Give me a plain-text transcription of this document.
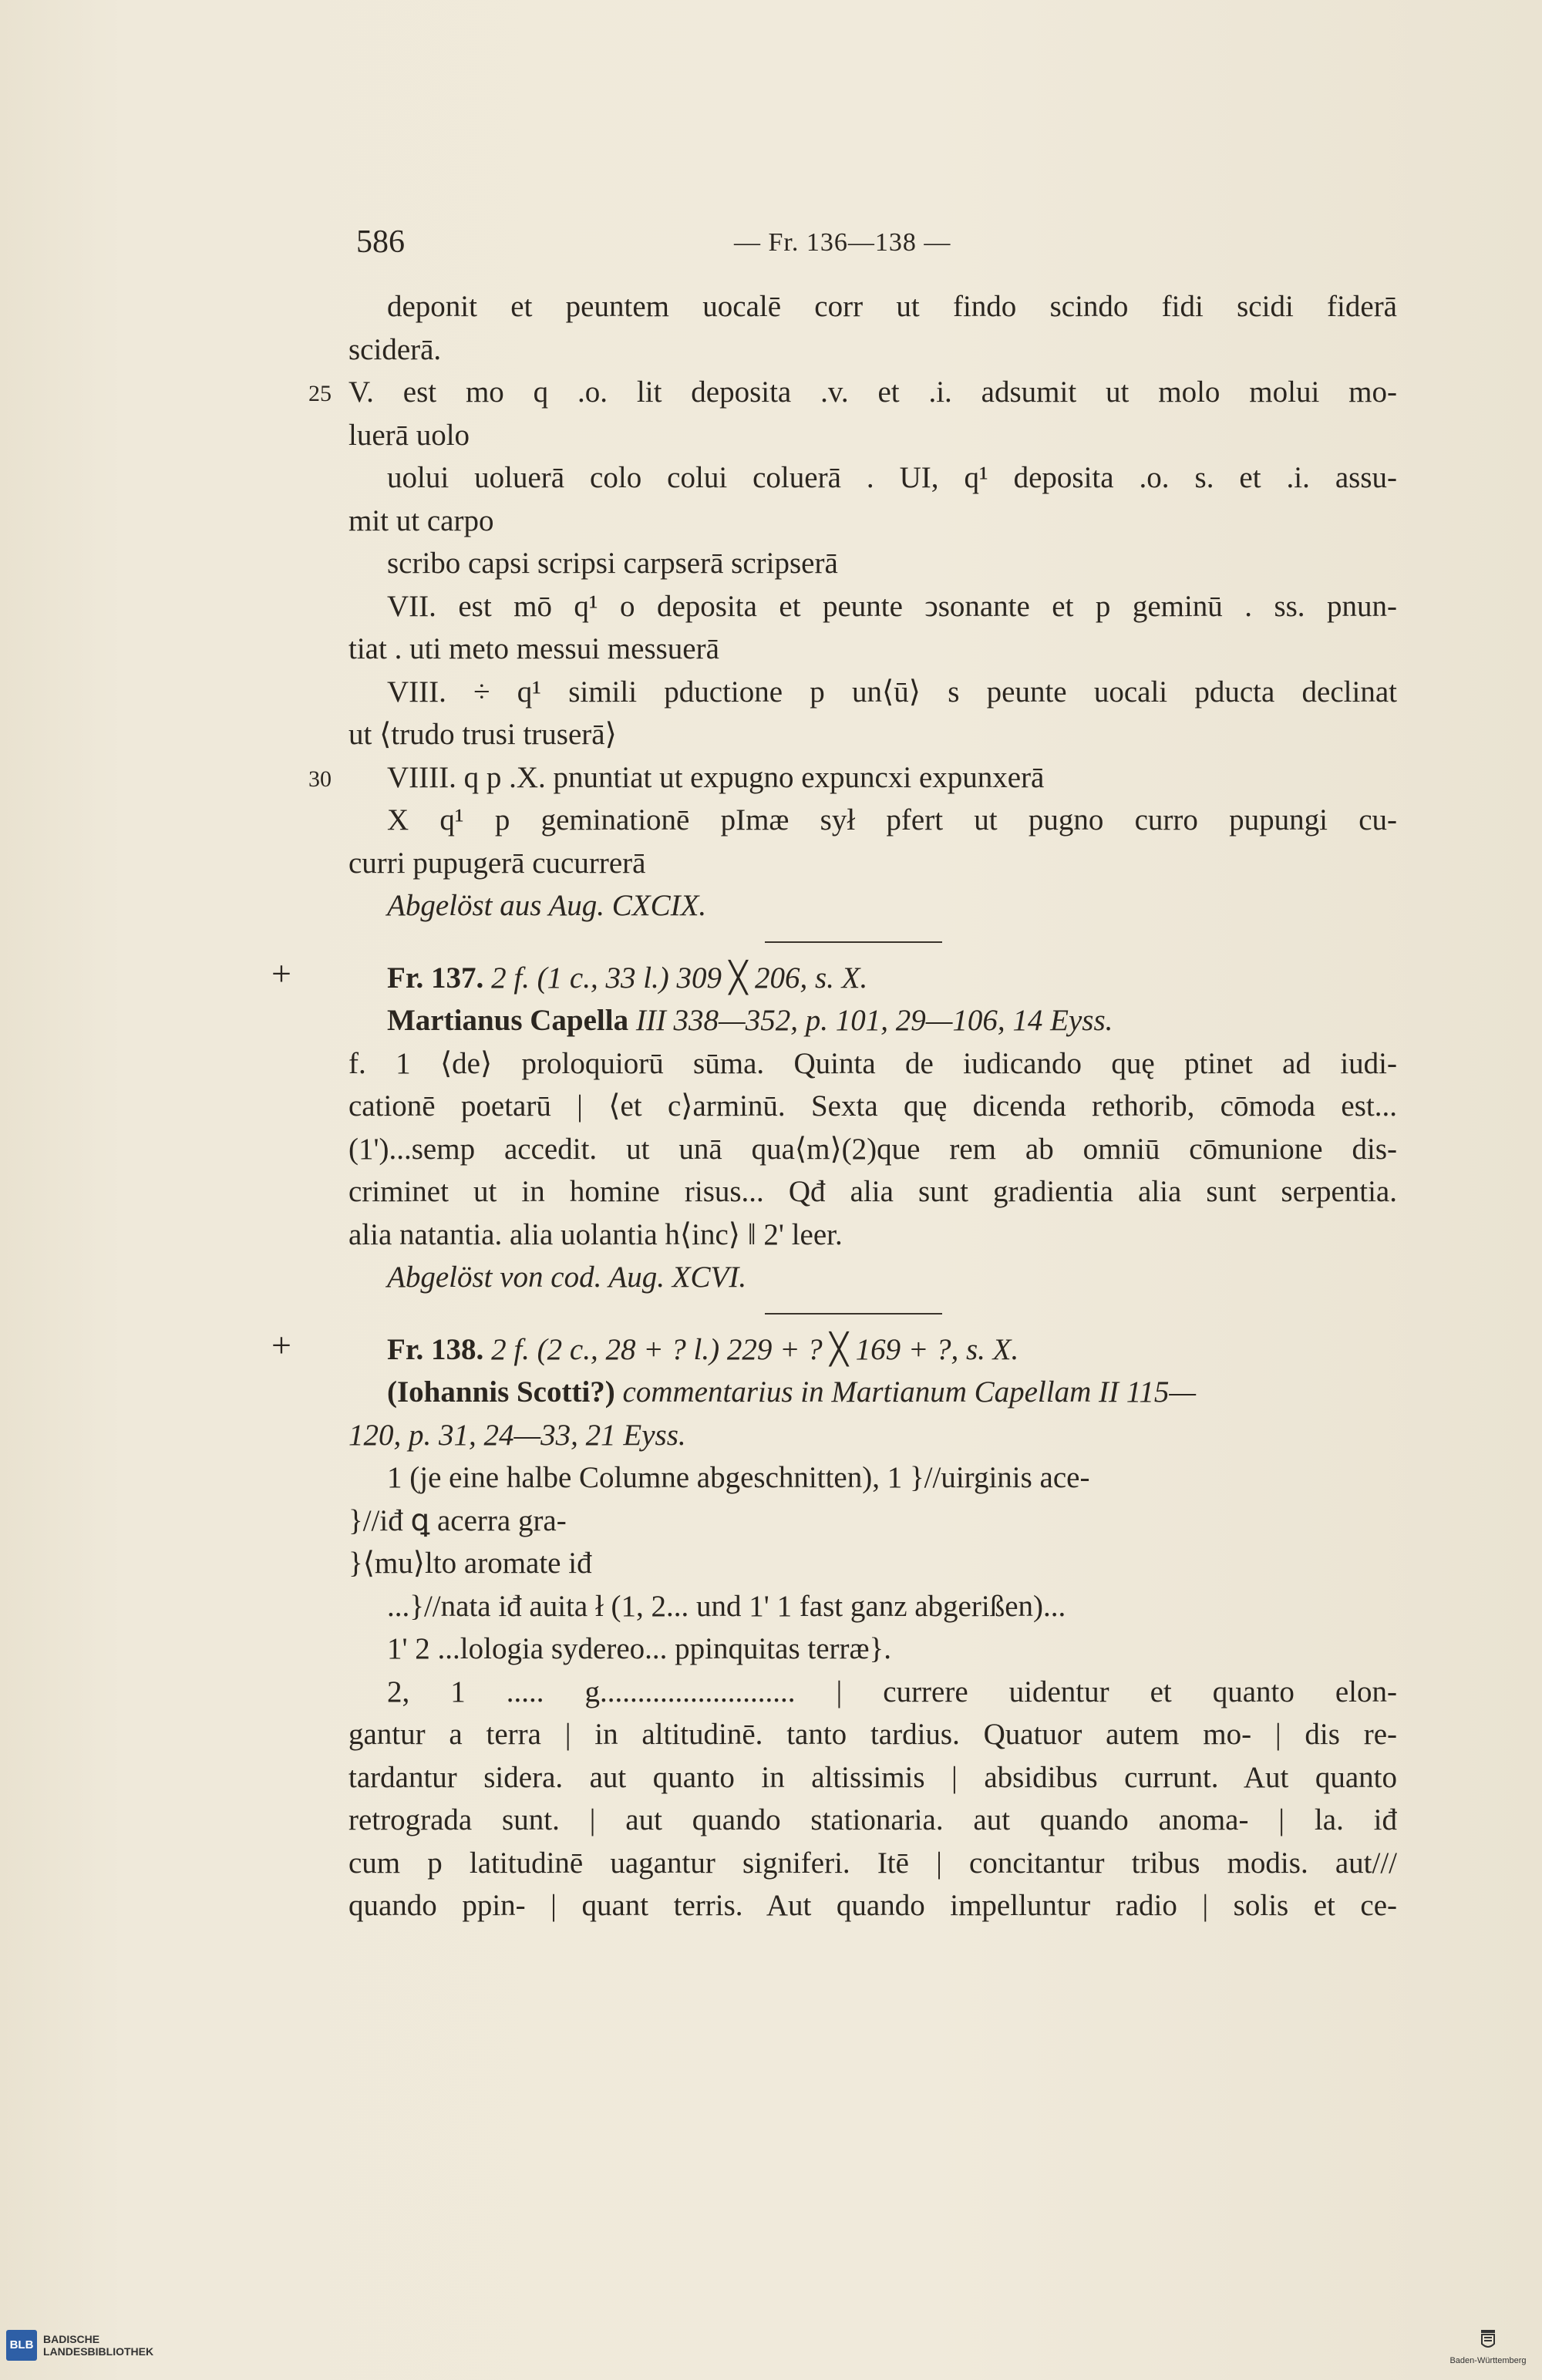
586	— Fr. 136—138 —
deponit et peuntem uocalē corr ut findo scindo fidi scidi fiderā
sciderā.
25 V. est mo q .o. lit deposita .v. et .i. adsumit ut molo molui mo-
luerā uolo
uolui uoluerā colo colui coluerā . UI, q¹ deposita .o. s. et .i. assu-
mit ut carpo
scribo capsi scripsi carpserā scripserā
VII. est mō q¹ o deposita et peunte ↄsonante et p geminū . ss. pnun-
tiat . uti meto messui messuerā
VIII. ÷ q¹ simili pductione p un⟨ū⟩ s peunte uocali pducta declinat
ut ⟨trudo trusi truserā⟩
30 VIIII. q p .X. pnuntiat ut expugno expuncxi expunxerā
X q¹ p geminationē pImæ sył pfert ut pugno curro pupungi cu-
curri pupugerā cucurrerā
Abgelöst aus Aug. CXCIX.
+	Fr. 137. 2 f. (1 c., 33 l.) 309 ╳ 206, s. X.
Martianus Capella III 338—352, p. 101, 29—106, 14 Eyss.
f. 1 ⟨de⟩ proloquiorū sūma. Quinta de iudicando quę ptinet ad iudi-
cationē poetarū | ⟨et c⟩arminū. Sexta quę dicenda rethorib, cōmoda est...
(1')...semp accedit. ut unā qua⟨m⟩(2)que rem ab omniū cōmunione dis-
criminet ut in homine risus... Qđ alia sunt gradientia alia sunt serpentia.
alia natantia. alia uolantia h⟨inc⟩ ‖ 2' leer.
Abgelöst von cod. Aug. XCVI.
+	Fr. 138. 2 f. (2 c., 28 + ? l.) 229 + ? ╳ 169 + ?, s. X.
(Iohannis Scotti?) commentarius in Martianum Capellam II 115—
120, p. 31, 24—33, 21 Eyss.
1 (je eine halbe Columne abgeschnitten), 1 }//uirginis ace-
}//iđ ꝗ acerra gra-
}⟨mu⟩lto aromate iđ
...}//nata iđ auita ł (1, 2... und 1' 1 fast ganz abgerißen)...
1' 2 ...lologia sydereo... ppinquitas terræ}.
2, 1 ..... g.......................... | currere uidentur et quanto elon-
gantur a terra | in altitudinē. tanto tardius. Quatuor autem mo- | dis re-
tardantur sidera. aut quanto in altissimis | absidibus currunt. Aut quanto
retrograda sunt. | aut quando stationaria. aut quando anoma- | la. iđ
cum p latitudinē uagantur signiferi. Itē | concitantur tribus modis. aut///
quando ppin- | quant terris. Aut quando impelluntur radio | solis et ce-
BLB BADISCHE
LANDESBIBLIOTHEK
Baden-Württemberg
